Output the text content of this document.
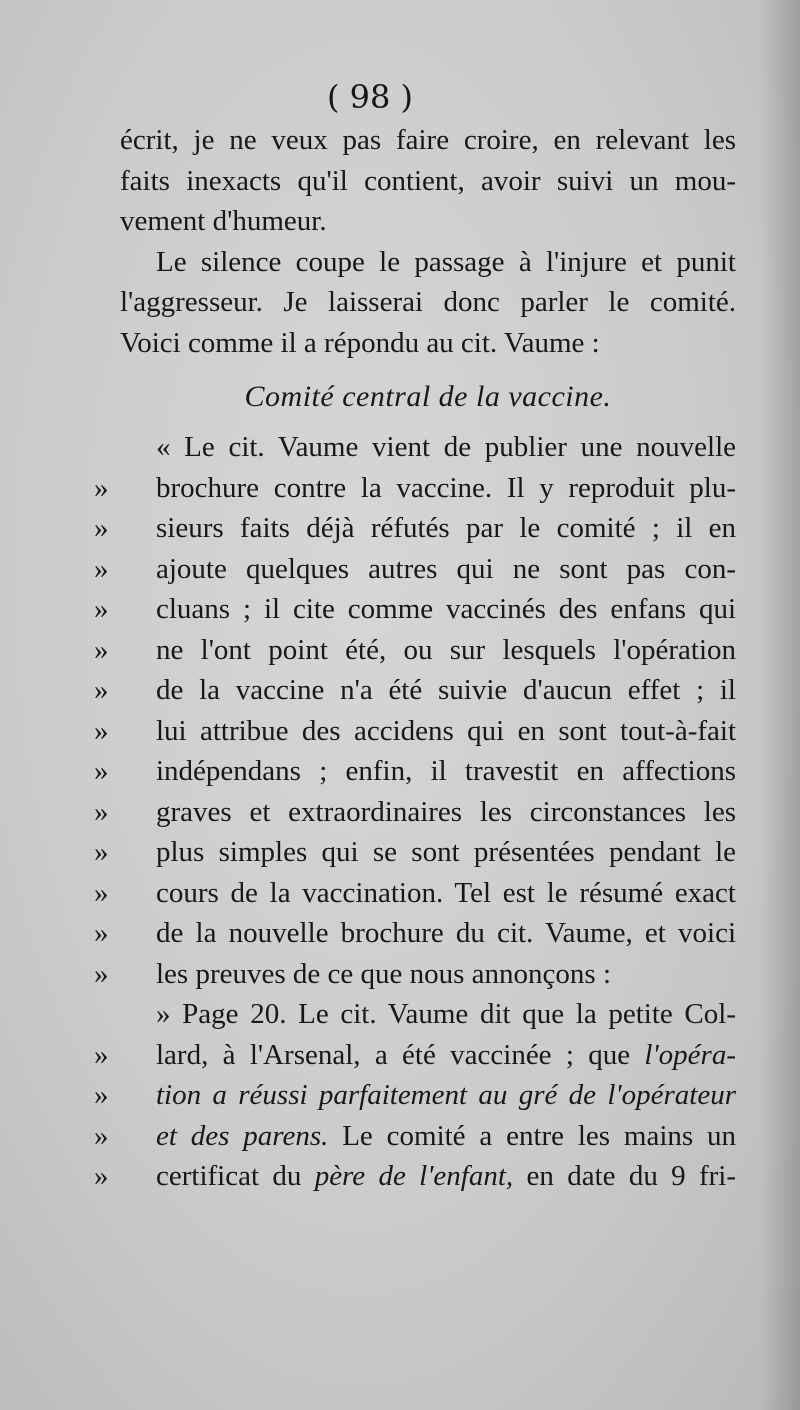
( 98 )
écrit, je ne veux pas faire croire, en relevant les
faits inexacts qu'il contient, avoir suivi un mou-
vement d'humeur.
Le silence coupe le passage à l'injure et punit
l'aggresseur. Je laisserai donc parler le comité.
Voici comme il a répondu au cit. Vaume :
Comité central de la vaccine.
« Le cit. Vaume vient de publier une nouvelle
» brochure contre la vaccine. Il y reproduit plu-
» sieurs faits déjà réfutés par le comité ; il en
» ajoute quelques autres qui ne sont pas con-
» cluans ; il cite comme vaccinés des enfans qui
» ne l'ont point été, ou sur lesquels l'opération
» de la vaccine n'a été suivie d'aucun effet ; il
» lui attribue des accidens qui en sont tout-à-fait
» indépendans ; enfin, il travestit en affections
» graves et extraordinaires les circonstances les
» plus simples qui se sont présentées pendant le
» cours de la vaccination. Tel est le résumé exact
» de la nouvelle brochure du cit. Vaume, et voici
» les preuves de ce que nous annonçons :
» Page 20. Le cit. Vaume dit que la petite Col-
» lard, à l'Arsenal, a été vaccinée ; que l'opéra-
» tion a réussi parfaitement au gré de l'opérateur
» et des parens. Le comité a entre les mains un
» certificat du père de l'enfant, en date du 9 fri-
